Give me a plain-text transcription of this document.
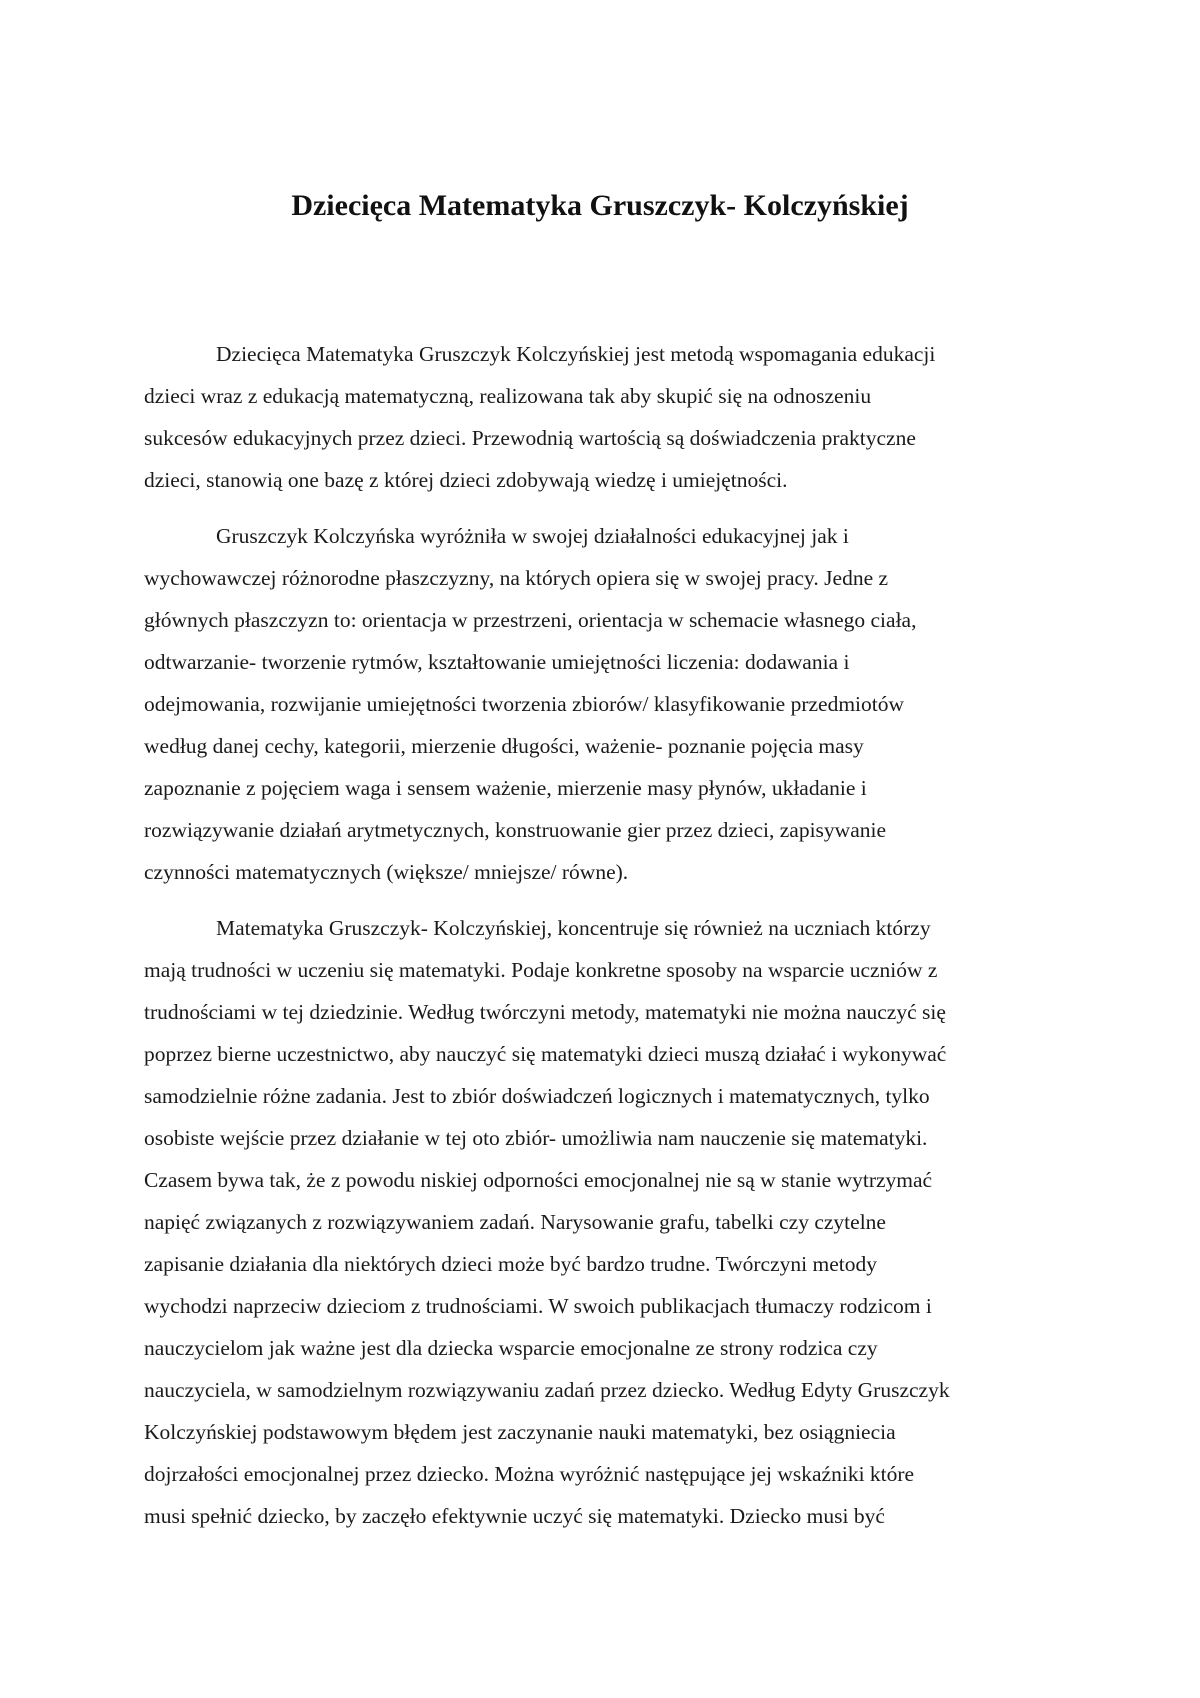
Dziecięca Matematyka Gruszczyk- Kolczyńskiej
Dziecięca Matematyka Gruszczyk Kolczyńskiej jest metodą wspomagania edukacji
dzieci wraz z edukacją matematyczną, realizowana tak aby skupić się na odnoszeniu
sukcesów edukacyjnych przez dzieci. Przewodnią wartością są doświadczenia praktyczne
dzieci, stanowią one bazę z której dzieci zdobywają wiedzę i umiejętności.
Gruszczyk Kolczyńska wyróżniła w swojej działalności edukacyjnej jak i
wychowawczej różnorodne płaszczyzny, na których opiera się w swojej pracy. Jedne z
głównych płaszczyzn to: orientacja w przestrzeni, orientacja w schemacie własnego ciała,
odtwarzanie- tworzenie rytmów, kształtowanie umiejętności liczenia: dodawania i
odejmowania, rozwijanie umiejętności tworzenia zbiorów/ klasyfikowanie przedmiotów
według danej cechy, kategorii, mierzenie długości, ważenie- poznanie pojęcia masy
zapoznanie z pojęciem waga i sensem ważenie, mierzenie masy płynów, układanie i
rozwiązywanie działań arytmetycznych, konstruowanie gier przez dzieci, zapisywanie
czynności matematycznych (większe/ mniejsze/ równe).
Matematyka Gruszczyk- Kolczyńskiej, koncentruje się również na uczniach którzy
mają trudności w uczeniu się matematyki. Podaje konkretne sposoby na wsparcie uczniów z
trudnościami w tej dziedzinie. Według twórczyni metody, matematyki nie można nauczyć się
poprzez bierne uczestnictwo, aby nauczyć się matematyki dzieci muszą działać i wykonywać
samodzielnie różne zadania. Jest to zbiór doświadczeń logicznych i matematycznych, tylko
osobiste wejście przez działanie w tej oto zbiór- umożliwia nam nauczenie się matematyki.
Czasem bywa tak, że z powodu niskiej odporności emocjonalnej nie są w stanie wytrzymać
napięć związanych z rozwiązywaniem zadań. Narysowanie grafu, tabelki czy czytelne
zapisanie działania dla niektórych dzieci może być bardzo trudne. Twórczyni metody
wychodzi naprzeciw dzieciom z trudnościami. W swoich publikacjach tłumaczy rodzicom i
nauczycielom jak ważne jest dla dziecka wsparcie emocjonalne ze strony rodzica czy
nauczyciela, w samodzielnym rozwiązywaniu zadań przez dziecko. Według Edyty Gruszczyk
Kolczyńskiej podstawowym błędem jest zaczynanie nauki matematyki, bez osiągniecia
dojrzałości emocjonalnej przez dziecko. Można wyróżnić następujące jej wskaźniki które
musi spełnić dziecko, by zaczęło efektywnie uczyć się matematyki. Dziecko musi być
